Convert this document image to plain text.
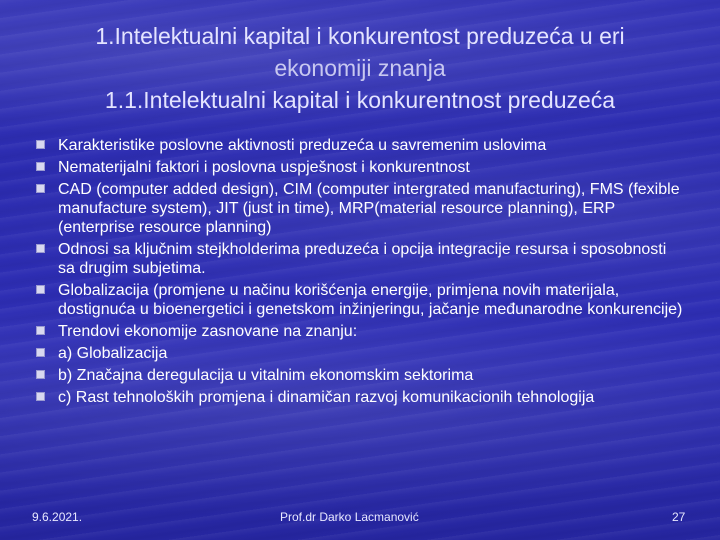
1.Intelektualni kapital i konkurentost preduzeća u eri
ekonomiji znanja
1.1.Intelektualni kapital i konkurentnost preduzeća
Karakteristike poslovne aktivnosti preduzeća u savremenim uslovima
Nematerijalni faktori i poslovna uspješnost i konkurentnost
CAD (computer added design), CIM (computer intergrated manufacturing), FMS (fexible manufacture system), JIT (just in time), MRP(material resource planning), ERP (enterprise resource planning)
Odnosi sa ključnim stejkholderima preduzeća i opcija integracije resursa i sposobnosti sa drugim subjetima.
Globalizacija (promjene u načinu korišćenja energije, primjena novih materijala, dostignuća u bioenergetici i genetskom inžinjeringu, jačanje međunarodne konkurencije)
Trendovi ekonomije zasnovane na znanju:
a) Globalizacija
b) Značajna deregulacija u vitalnim ekonomskim sektorima
c) Rast tehnoloških promjena i dinamičan razvoj komunikacionih tehnologija
9.6.2021.	Prof.dr Darko Lacmanović	27
